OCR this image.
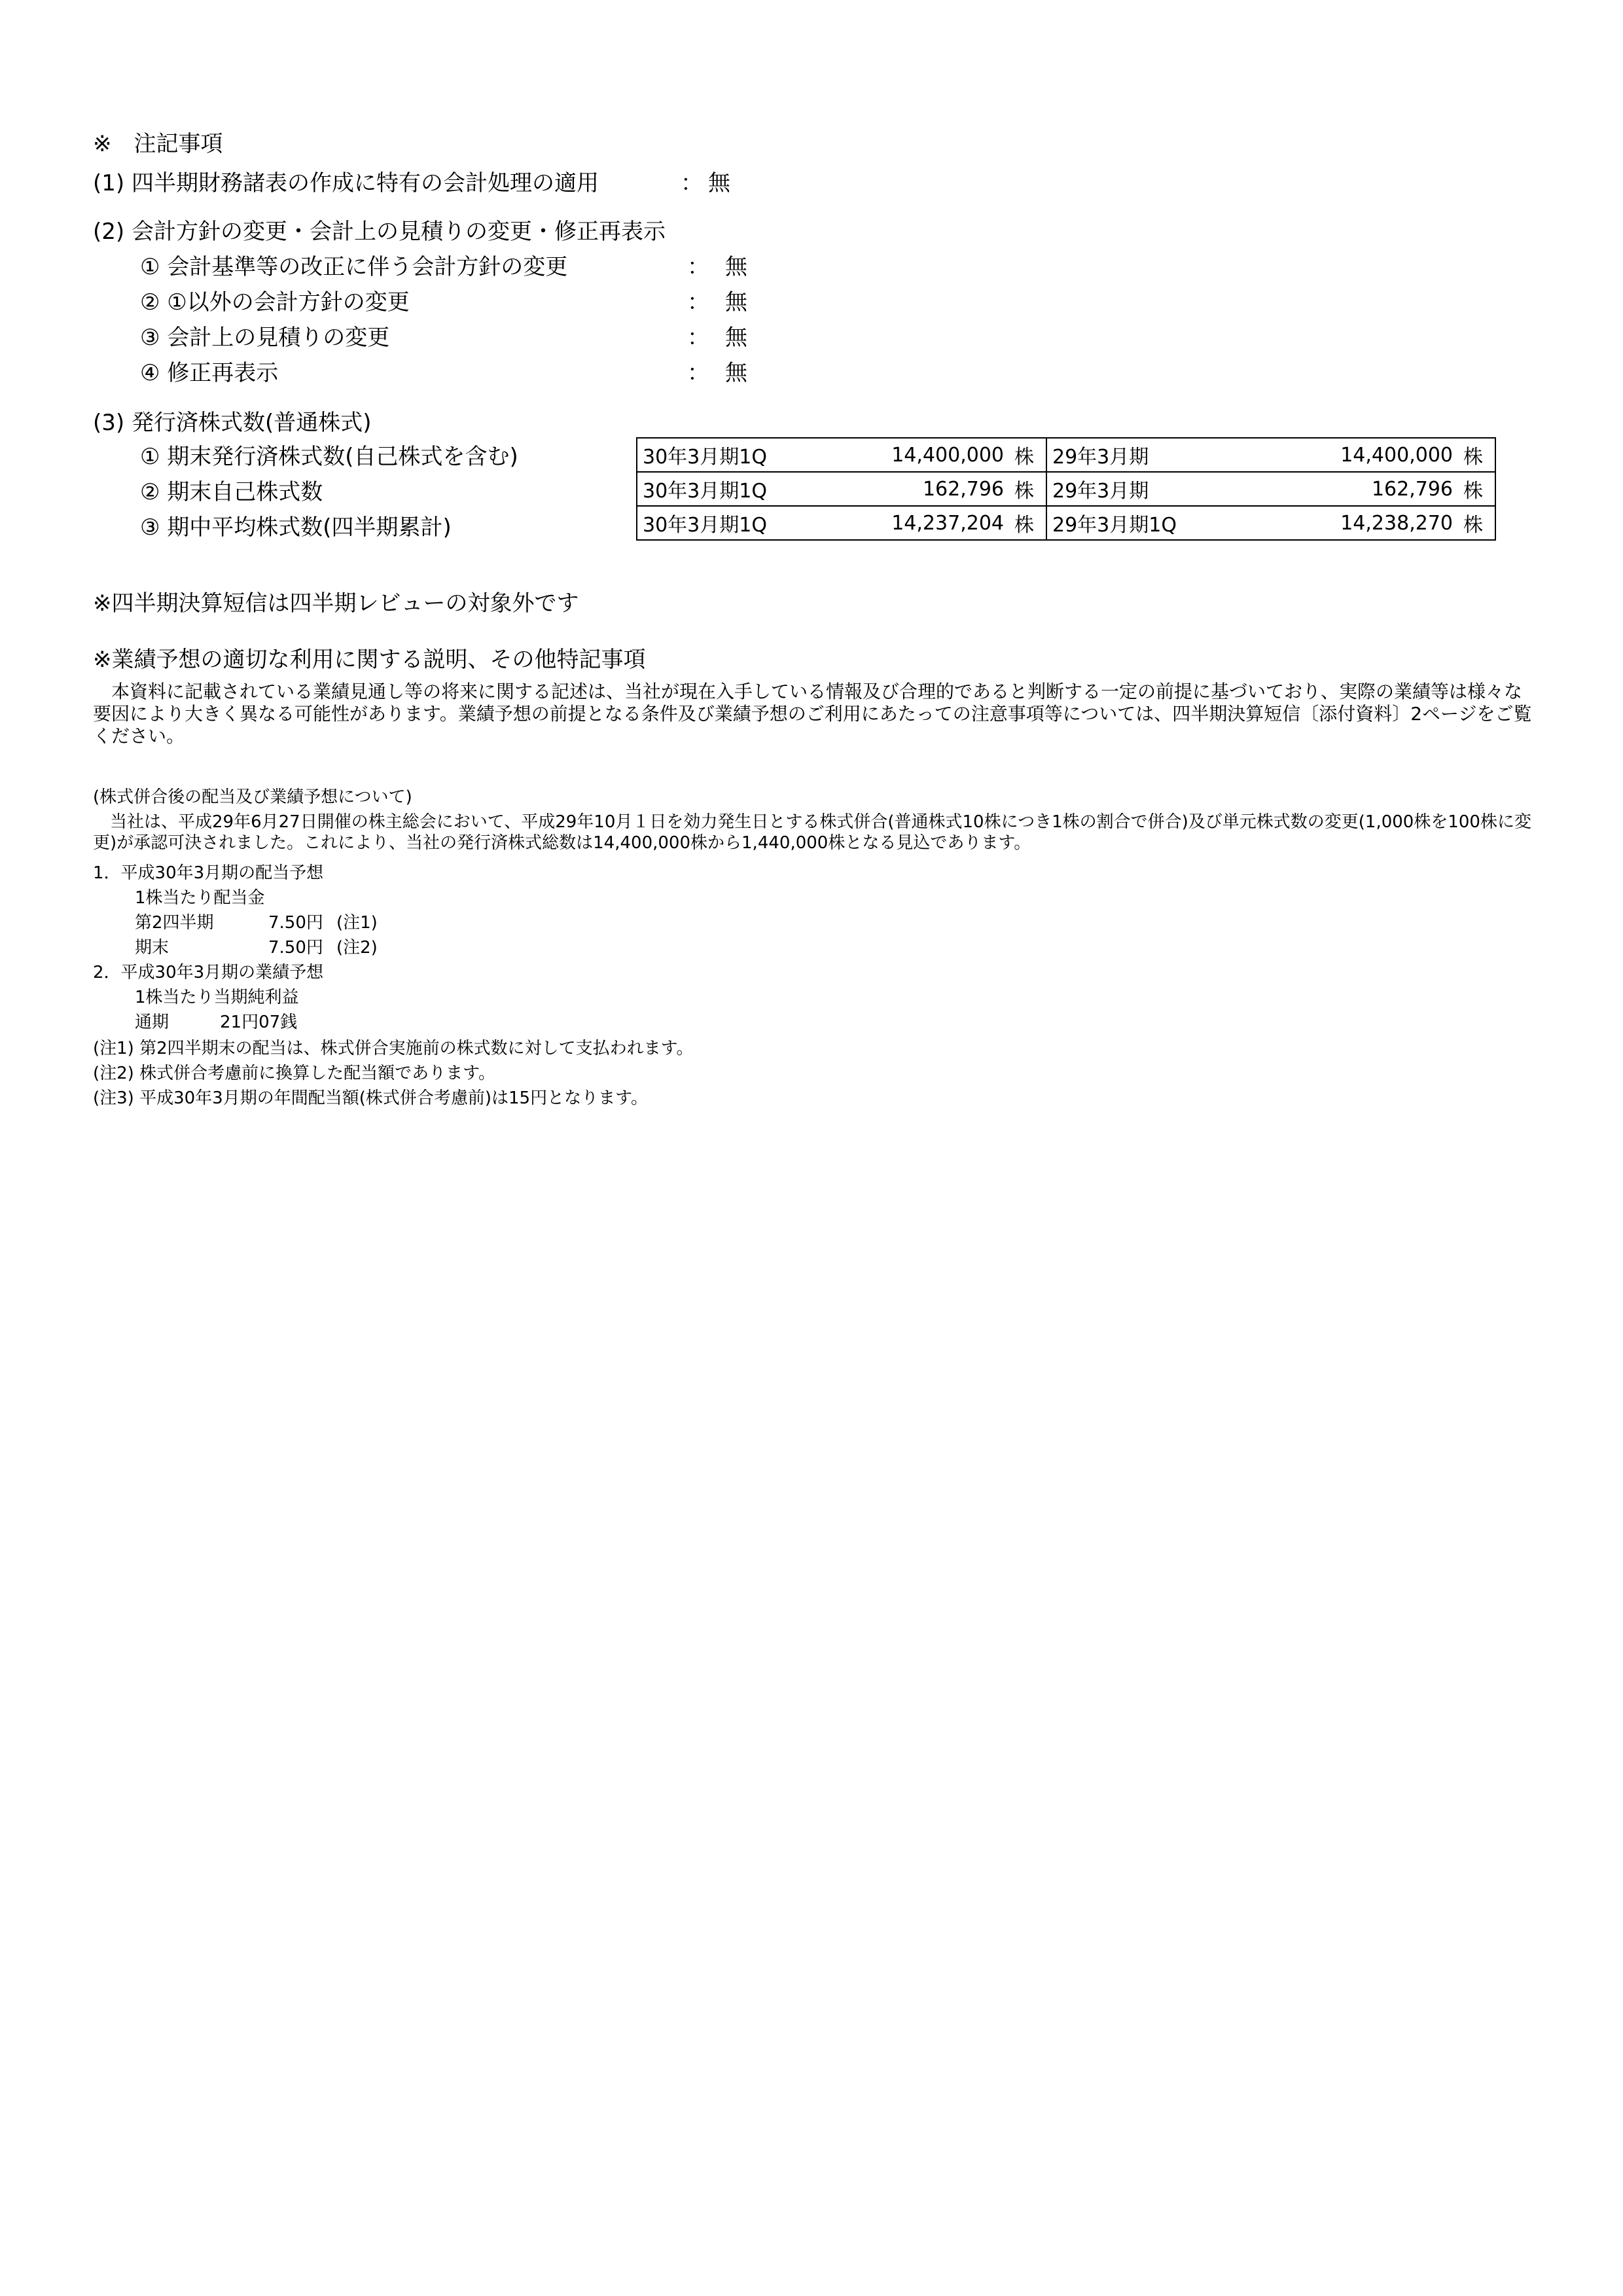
※　注記事項
(1) 四半期財務諸表の作成に特有の会計処理の適用	： 無
(2) 会計方針の変更・会計上の見積りの変更・修正再表示
① 会計基準等の改正に伴う会計方針の変更	： 無
② ①以外の会計方針の変更	： 無
③ 会計上の見積りの変更	： 無
④ 修正再表示	： 無
(3) 発行済株式数(普通株式)
① 期末発行済株式数(自己株式を含む)
② 期末自己株式数
③ 期中平均株式数(四半期累計)
30年3月期1Q	14,400,000	株	29年3月期	14,400,000	株
30年3月期1Q	162,796	株	29年3月期	162,796	株
30年3月期1Q	14,237,204	株	29年3月期1Q	14,238,270	株
※四半期決算短信は四半期レビューの対象外です
※業績予想の適切な利用に関する説明、その他特記事項
　本資料に記載されている業績見通し等の将来に関する記述は、当社が現在入手している情報及び合理的であると判断する一定の前提に基づいており、実際の業績等は様々な要因により大きく異なる可能性があります。業績予想の前提となる条件及び業績予想のご利用にあたっての注意事項等については、四半期決算短信〔添付資料〕2ページをご覧ください。
(株式併合後の配当及び業績予想について)
　当社は、平成29年6月27日開催の株主総会において、平成29年10月１日を効力発生日とする株式併合(普通株式10株につき1株の割合で併合)及び単元株式数の変更(1,000株を100株に変更)が承認可決されました。これにより、当社の発行済株式総数は14,400,000株から1,440,000株となる見込であります。
1．平成30年3月期の配当予想
1株当たり配当金
第2四半期	7.50円 (注1)
期末	7.50円 (注2)
2．平成30年3月期の業績予想
1株当たり当期純利益
通期	21円07銭
(注1) 第2四半期末の配当は、株式併合実施前の株式数に対して支払われます。
(注2) 株式併合考慮前に換算した配当額であります。
(注3) 平成30年3月期の年間配当額(株式併合考慮前)は15円となります。
